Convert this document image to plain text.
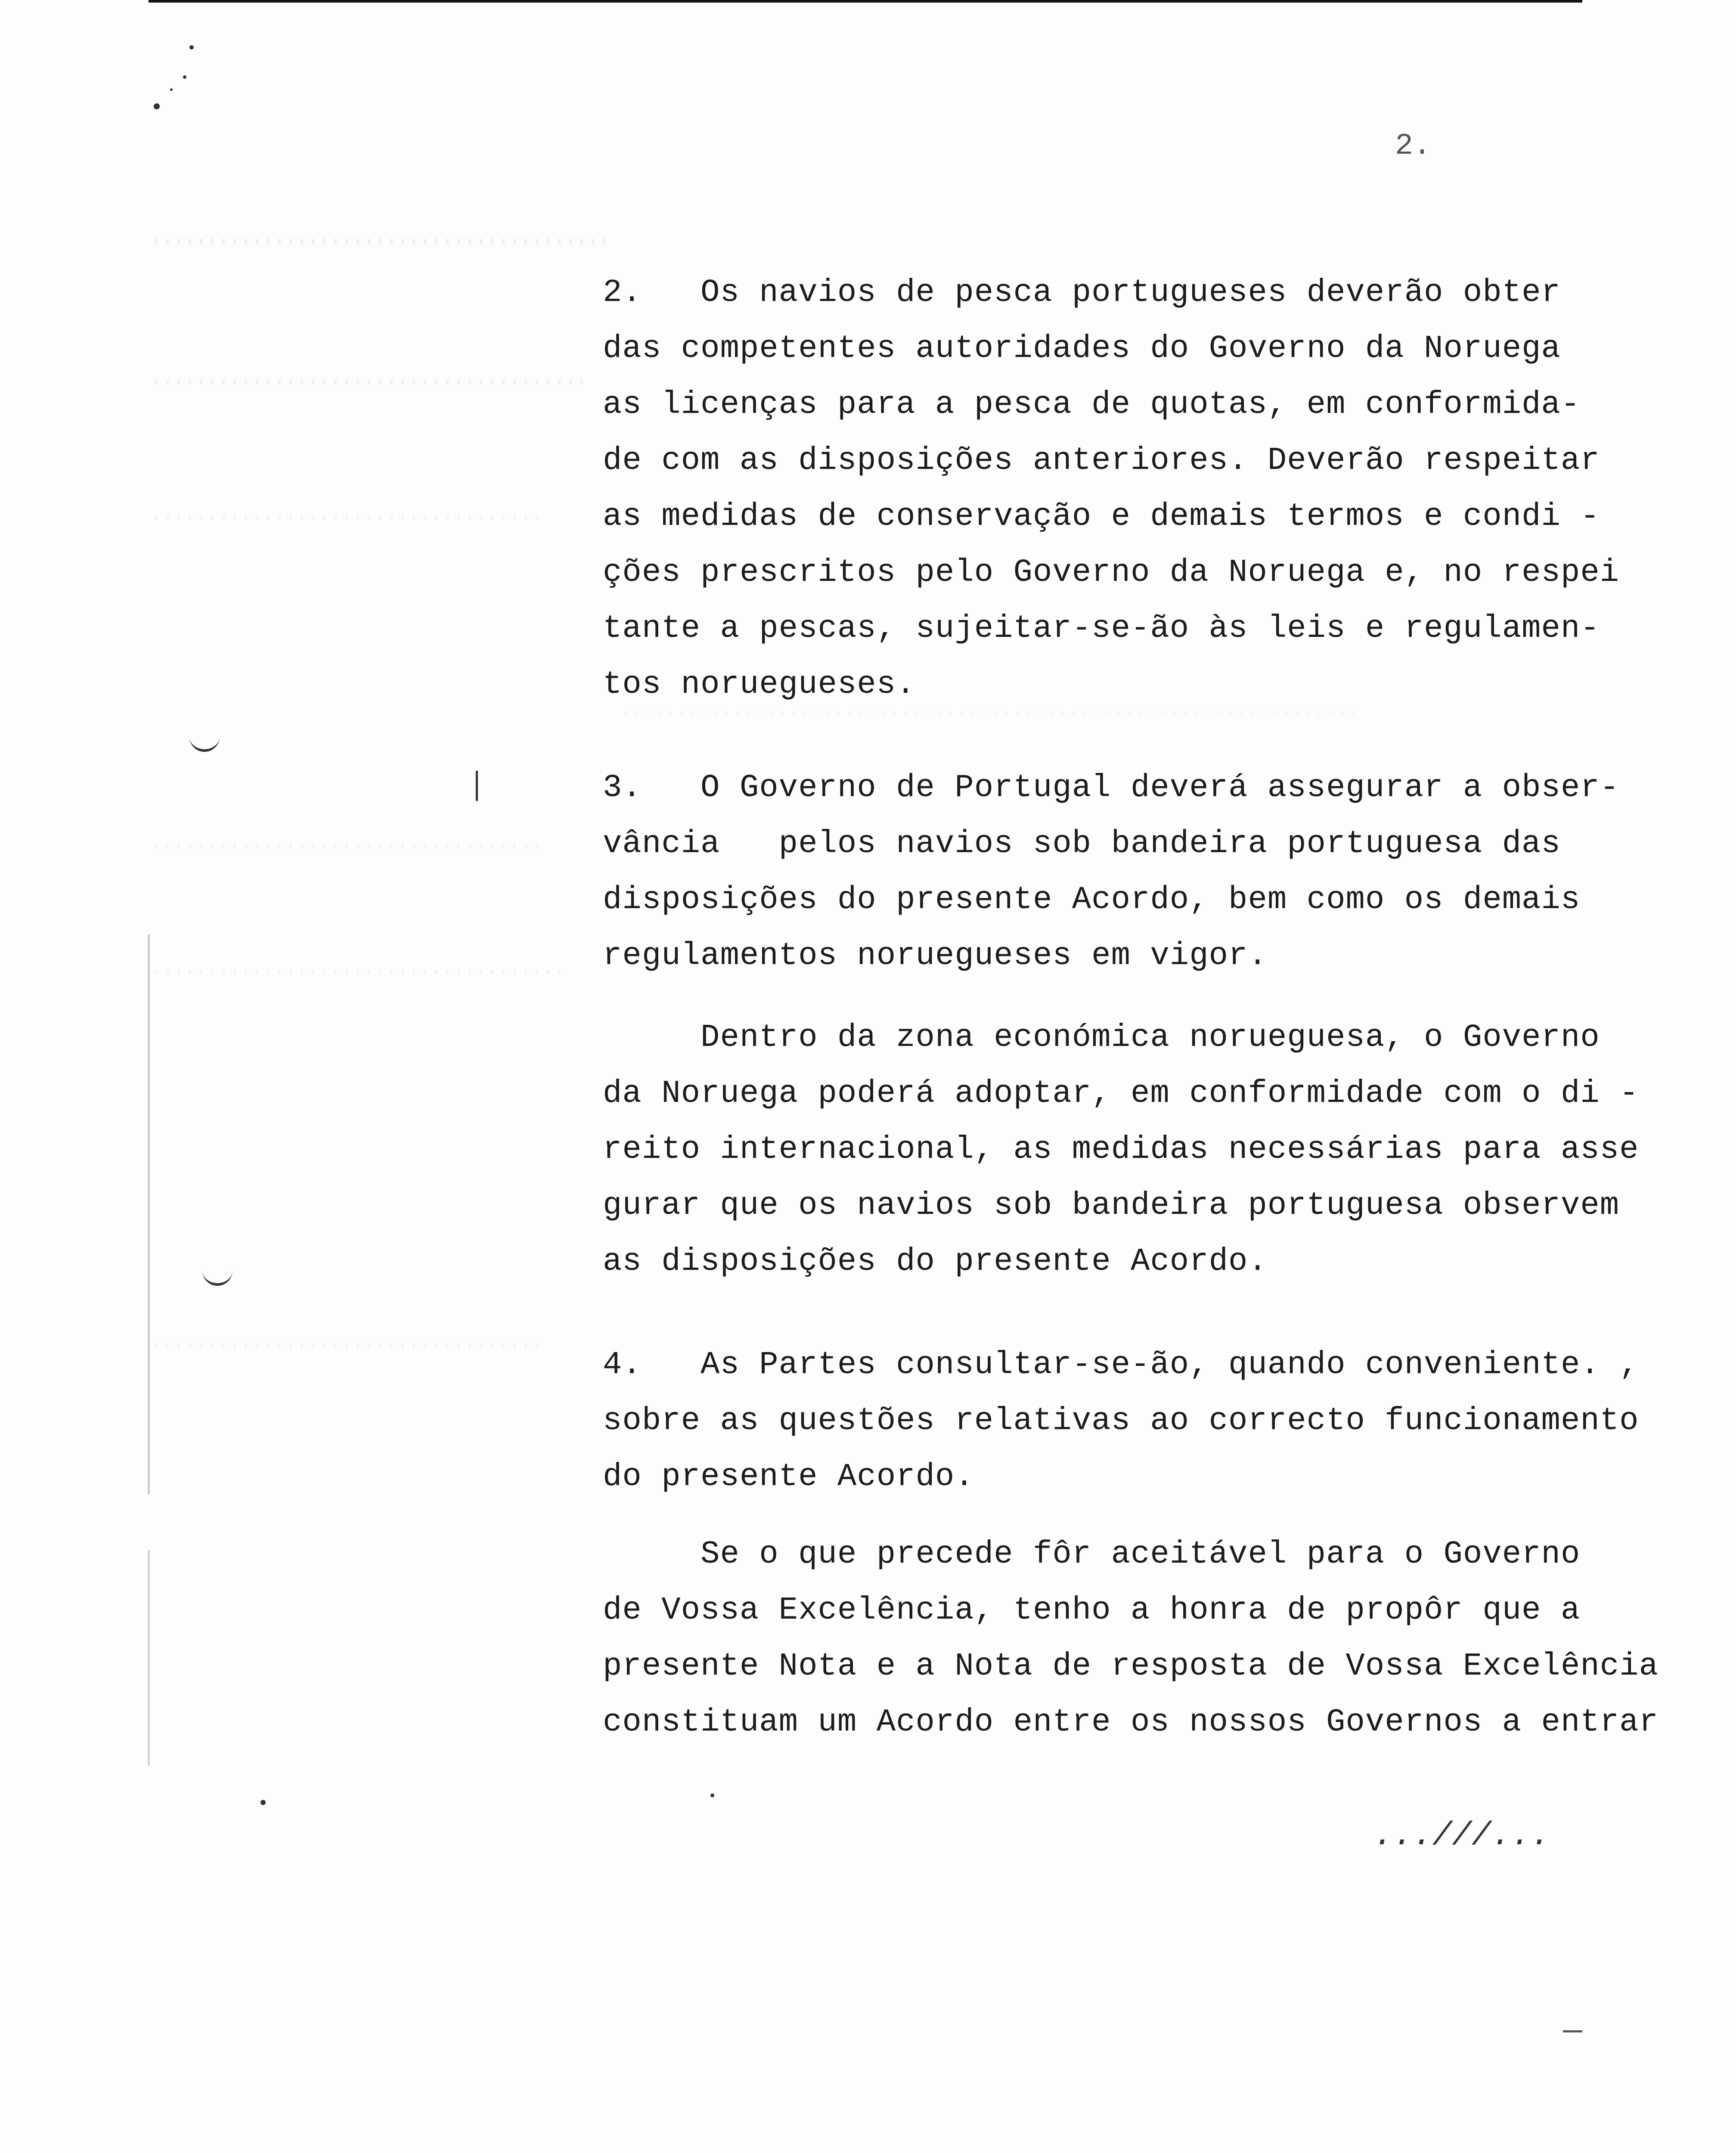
2.
2.   Os navios de pesca portugueses deverão obter
das competentes autoridades do Governo da Noruega
as licenças para a pesca de quotas, em conformida-
de com as disposições anteriores. Deverão respeitar
as medidas de conservação e demais termos e condi -
ções prescritos pelo Governo da Noruega e, no respei
tante a pescas, sujeitar-se-ão às leis e regulamen-
tos noruegueses.
3.   O Governo de Portugal deverá assegurar a obser-
vância   pelos navios sob bandeira portuguesa das
disposições do presente Acordo, bem como os demais
regulamentos noruegueses em vigor.
Dentro da zona económica norueguesa, o Governo
da Noruega poderá adoptar, em conformidade com o di -
reito internacional, as medidas necessárias para asse
gurar que os navios sob bandeira portuguesa observem
as disposições do presente Acordo.
4.   As Partes consultar-se-ão, quando conveniente. ,
sobre as questões relativas ao correcto funcionamento
do presente Acordo.
Se o que precede fôr aceitável para o Governo
de Vossa Excelência, tenho a honra de propôr que a
presente Nota e a Nota de resposta de Vossa Excelência
constituam um Acordo entre os nossos Governos a entrar
...///...
